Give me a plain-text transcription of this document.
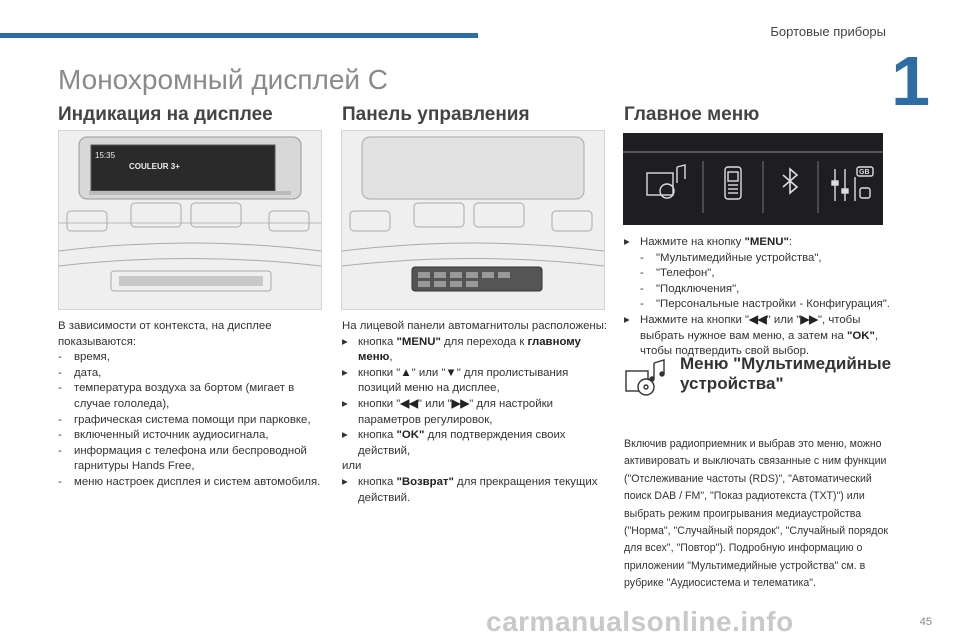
Бортовые приборы
1
Монохромный дисплей С
Индикация на дисплее
15:35
COULEUR 3+

В зависимости от контекста, на дисплее показываются:

- время,
- дата,
- температура воздуха за бортом (мигает в случае гололеда),
- графическая система помощи при парковке,
- включенный источник аудиосигнала,
- информация с телефона или беспроводной гарнитуры Hands Free,
- меню настроек дисплея и систем автомобиля.
Панель управления

На лицевой панели автомагнитолы расположены:

▸ кнопка "MENU" для перехода к главному меню,
▸ кнопки "▲" или "▼" для пролистывания позиций меню на дисплее,
▸ кнопки "◀◀" или "▶▶" для настройки параметров регулировок,
▸ кнопка "OK" для подтверждения своих действий,

или

▸ кнопка "Возврат" для прекращения текущих действий.
Главное меню
GB
▸ Нажмите на кнопку "MENU":
- "Мультимедийные устройства",
- "Телефон",
- "Подключения",
- "Персональные настройки - Конфигурация".
▸ Нажмите на кнопки "◀◀" или "▶▶", чтобы выбрать нужное вам меню, а затем на "OK", чтобы подтвердить свой выбор.
Меню "Мультимедийные
устройства"
Включив радиоприемник и выбрав это меню, можно активировать и выключать связанные с ним функции ("Отслеживание частоты (RDS)", "Автоматический поиск DAB / FM", "Показ радиотекста (TXT)") или выбрать режим проигрывания медиаустройства ("Норма", "Случайный порядок", "Случайный порядок для всех", "Повтор"). Подробную информацию о приложении "Мультимедийные устройства" см. в рубрике "Аудиосистема и телематика".
45
carmanualsonline.info
